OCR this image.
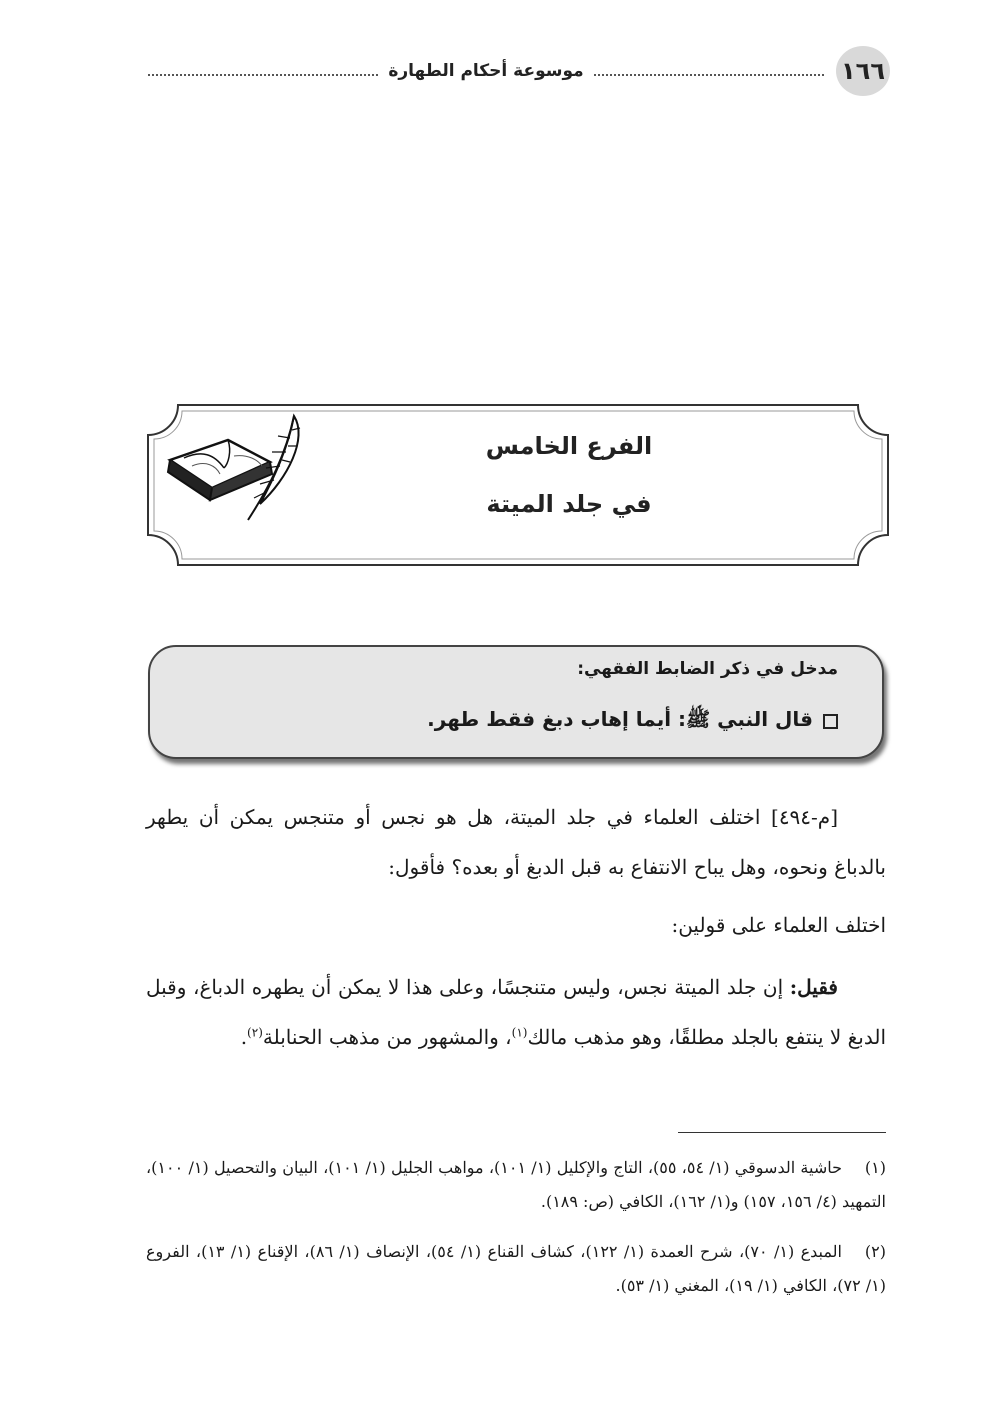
١٦٦
موسوعة أحكام الطهارة
الفرع الخامس
في جلد الميتة
مدخل في ذكر الضابط الفقهي:
قال النبي ﷺ: أيما إهاب دبغ فقط طهر.
[م-٤٩٤] اختلف العلماء في جلد الميتة، هل هو نجس أو متنجس يمكن أن يطهر بالدباغ ونحوه، وهل يباح الانتفاع به قبل الدبغ أو بعده؟ فأقول:
اختلف العلماء على قولين:
فقيل: إن جلد الميتة نجس، وليس متنجسًا، وعلى هذا لا يمكن أن يطهره الدباغ، وقبل الدبغ لا ينتفع بالجلد مطلقًا، وهو مذهب مالك$^{(١)}$، والمشهور من مذهب الحنابلة$^{(٢)}$.
(١)حاشية الدسوقي (١/ ٥٤، ٥٥)، التاج والإكليل (١/ ١٠١)، مواهب الجليل (١/ ١٠١)، البيان والتحصيل (١/ ١٠٠)، التمهيد (٤/ ١٥٦، ١٥٧) و(١/ ١٦٢)، الكافي (ص: ١٨٩).
(٢)المبدع (١/ ٧٠)، شرح العمدة (١/ ١٢٢)، كشاف القناع (١/ ٥٤)، الإنصاف (١/ ٨٦)، الإقناع (١/ ١٣)، الفروع (١/ ٧٢)، الكافي (١/ ١٩)، المغني (١/ ٥٣).
